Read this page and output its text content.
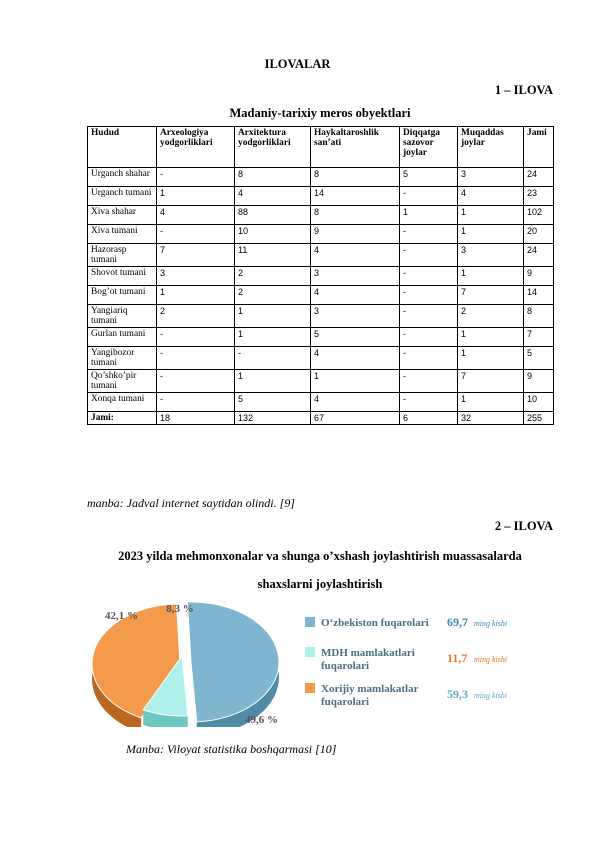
ILOVALAR
1 – ILOVA
Madaniy-tarixiy meros obyektlari
Hudud	Arxeologiya yodgorliklari	Arxitektura yodgorliklari	Haykaltaroshlik san’ati	Diqqatga sazovor joylar	Muqaddas joylar	Jami
Urganch shahar	-	8	8	5	3	24
Urganch tumani	1	4	14	-	4	23
Xiva shahar	4	88	8	1	1	102
Xiva tumani	-	10	9	-	1	20
Hazorasp tumani	7	11	4	-	3	24
Shovot tumani	3	2	3	-	1	9
Bog’ot tumani	1	2	4	-	7	14
Yangiariq tumani	2	1	3	-	2	8
Gurlan tumani	-	1	5	-	1	7
Yangibozor tumani	-	-	4	-	1	5
Qo’shko’pir tumani	-	1	1	-	7	9
Xonqa tumani	-	5	4	-	1	10
Jami:	18	132	67	6	32	255
manba: Jadval internet saytidan olindi. [9]
2 – ILOVA
2023 yilda mehmonxonalar va shunga o’xshash joylashtirish muassasalarda
shaxslarni joylashtirish
49,6 %
8,3 %
42,1 %
O‘zbekiston fuqarolari 69,7 ming kishi
MDH mamlakatlari
fuqarolari
11,7 ming kishi
Xorijiy mamlakatlar
fuqarolari
59,3 ming kishi
Manba: Viloyat statistika boshqarmasi [10]
